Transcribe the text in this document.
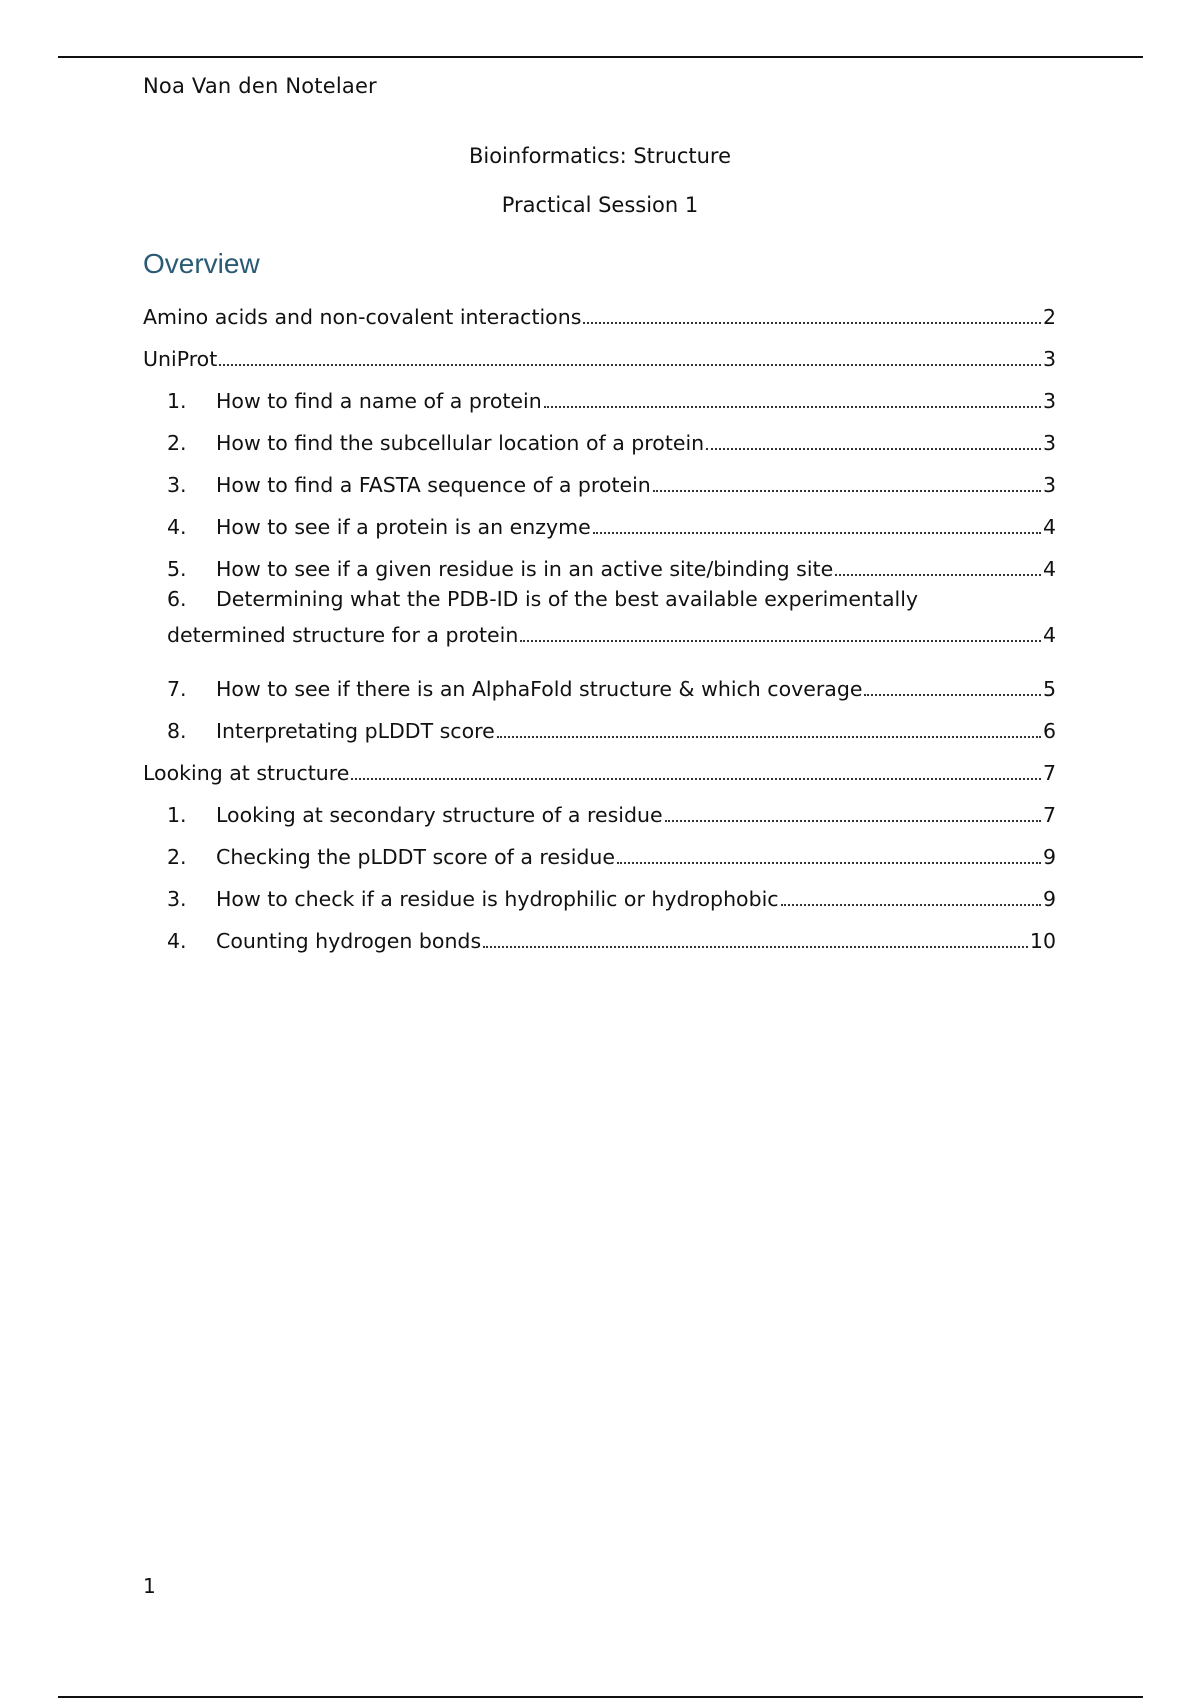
Noa Van den Notelaer
Bioinformatics: Structure
Practical Session 1
Overview
Amino acids and non-covalent interactions	2
UniProt	3
1.	How to find a name of a protein	3
2.	How to find the subcellular location of a protein	3
3.	How to find a FASTA sequence of a protein	3
4.	How to see if a protein is an enzyme	4
5.	How to see if a given residue is in an active site/binding site	4
6.	Determining what the PDB-ID is of the best available experimentally
determined structure for a protein	4
7.	How to see if there is an AlphaFold structure & which coverage	5
8.	Interpretating pLDDT score	6
Looking at structure	7
1.	Looking at secondary structure of a residue	7
2.	Checking the pLDDT score of a residue	9
3.	How to check if a residue is hydrophilic or hydrophobic	9
4.	Counting hydrogen bonds	10
1
